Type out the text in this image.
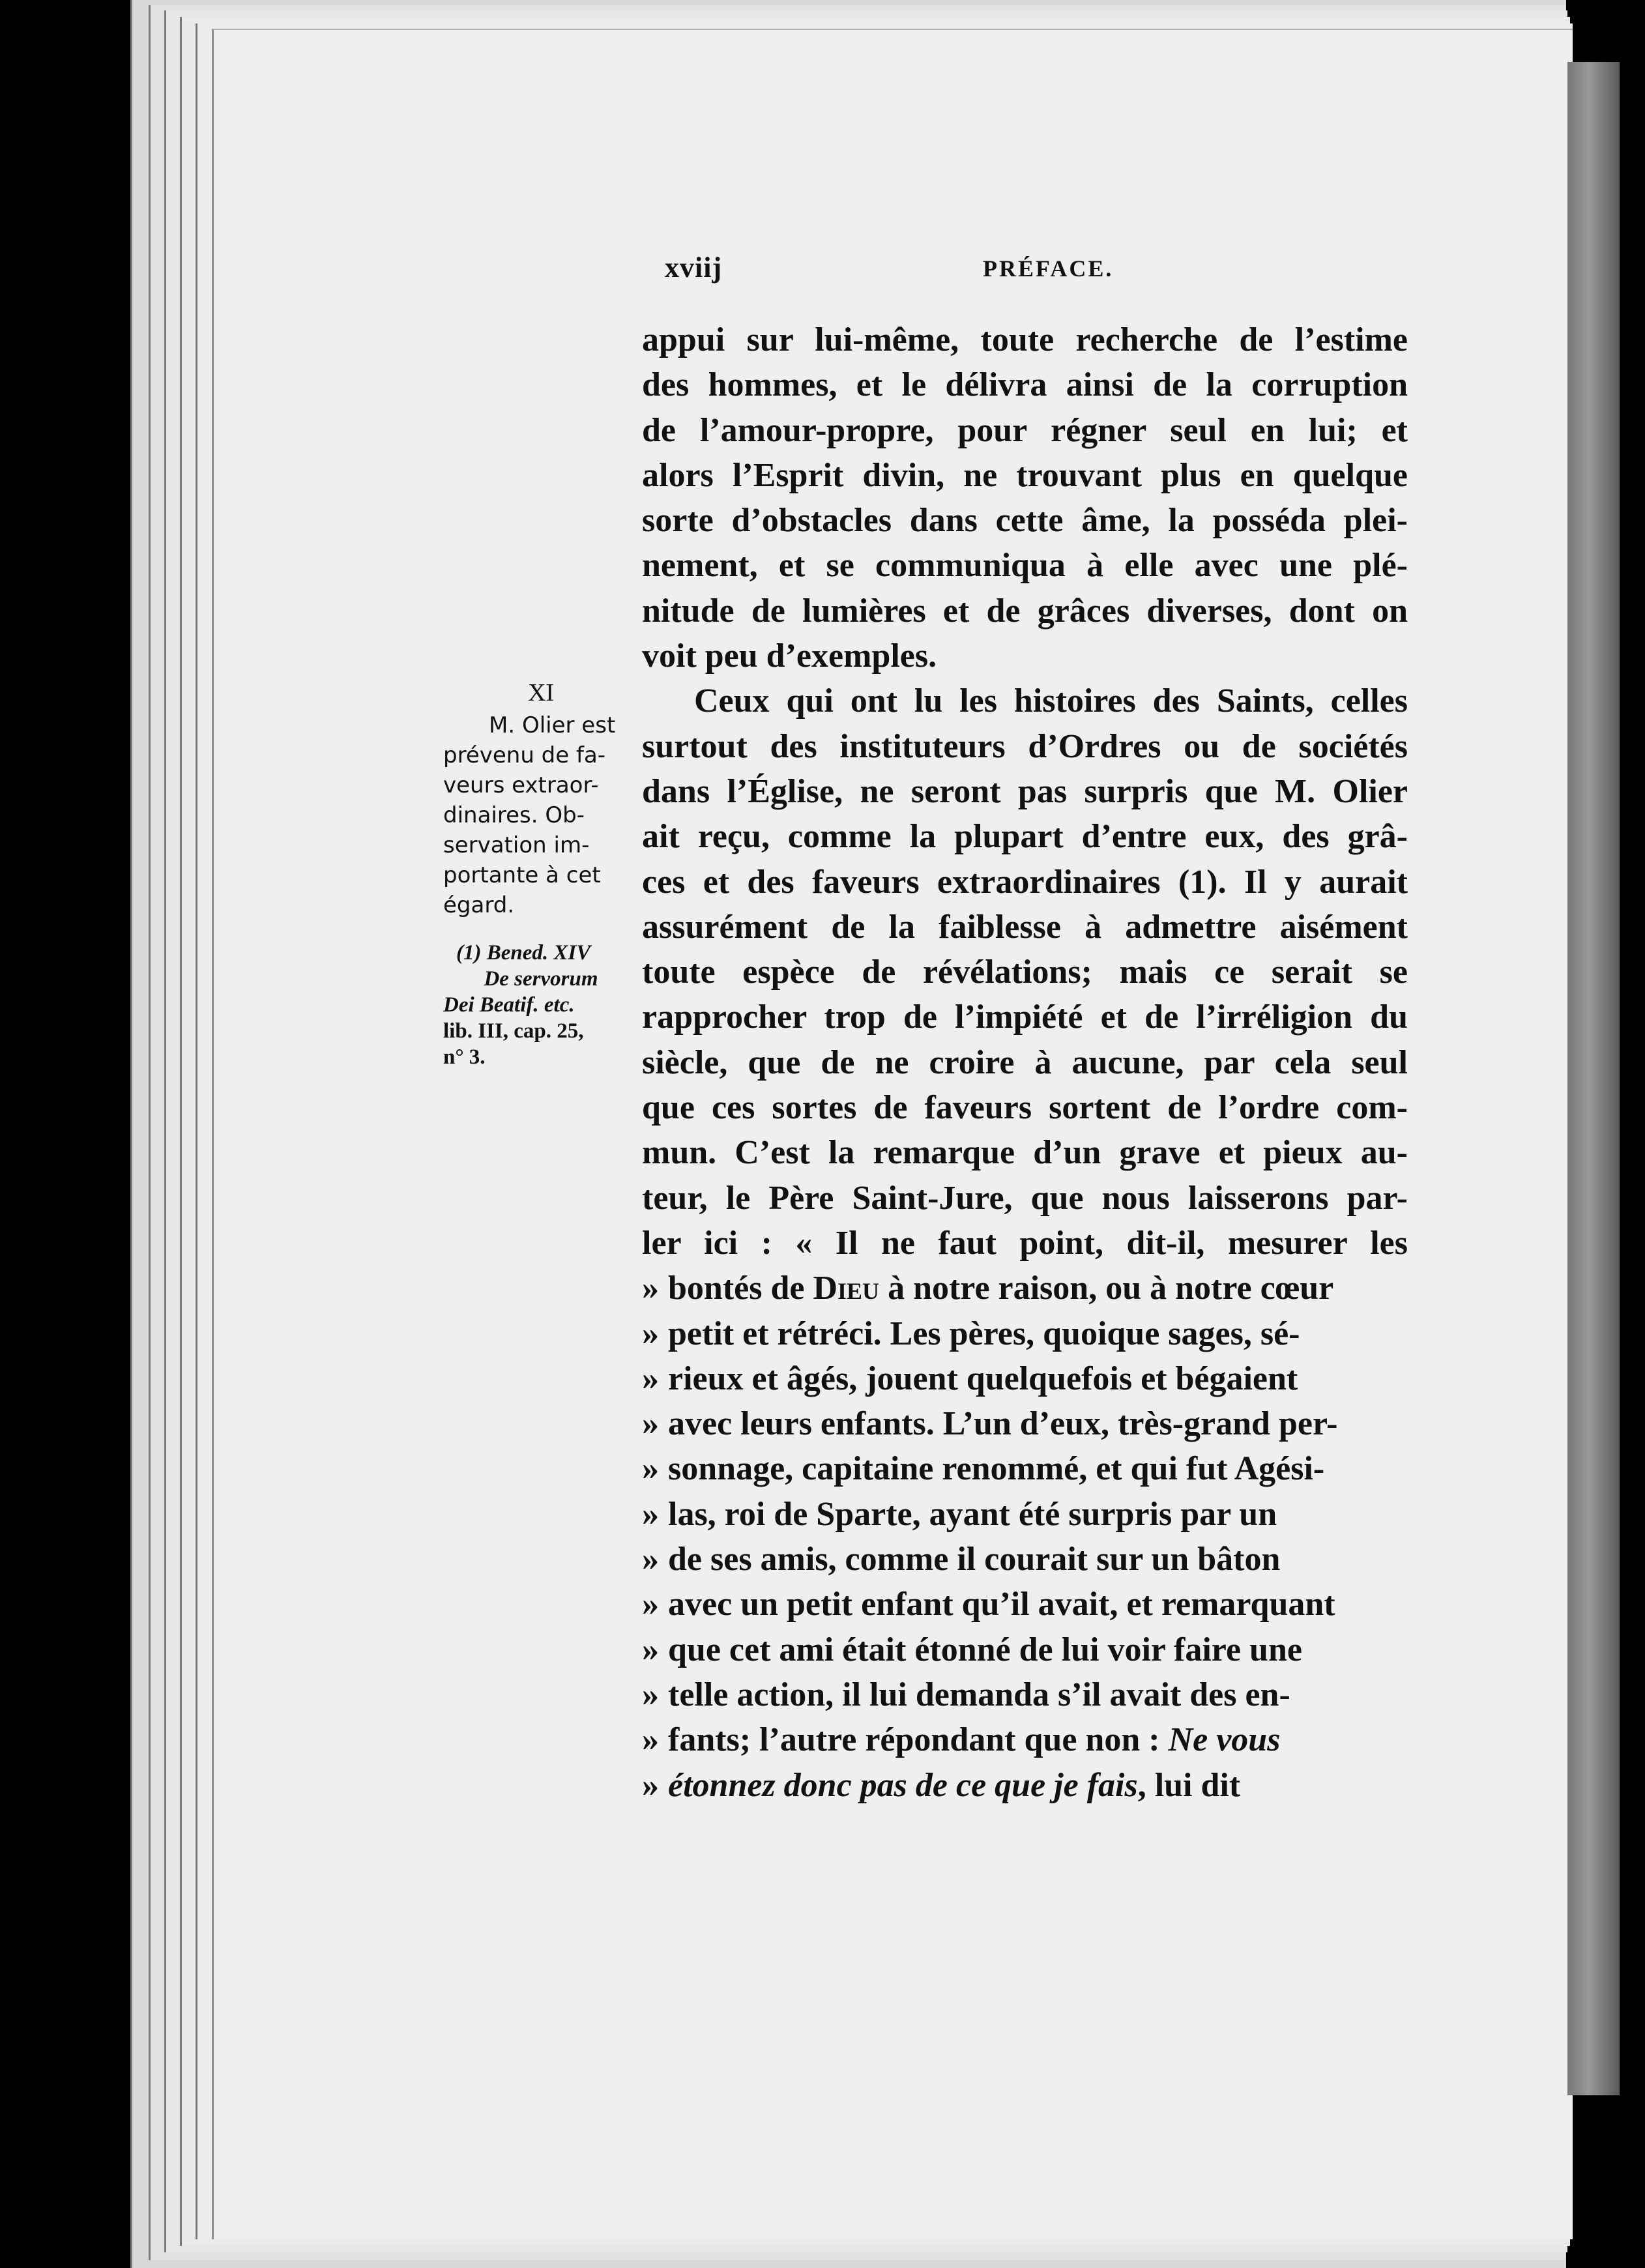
xviij	PRÉFACE.
XI
M. Olier est
prévenu de fa-
veurs extraor-
dinaires. Ob-
servation im-
portante à cet
égard.
(1) Bened. XIV
De servorum
Dei Beatif. etc.
lib. III, cap. 25,
n° 3.
appui sur lui-même, toute recherche de l’estime
des hommes, et le délivra ainsi de la corruption
de l’amour-propre, pour régner seul en lui; et
alors l’Esprit divin, ne trouvant plus en quelque
sorte d’obstacles dans cette âme, la posséda plei-
nement, et se communiqua à elle avec une plé-
nitude de lumières et de grâces diverses, dont on
voit peu d’exemples.
Ceux qui ont lu les histoires des Saints, celles
surtout des instituteurs d’Ordres ou de sociétés
dans l’Église, ne seront pas surpris que M. Olier
ait reçu, comme la plupart d’entre eux, des grâ-
ces et des faveurs extraordinaires (1). Il y aurait
assurément de la faiblesse à admettre aisément
toute espèce de révélations; mais ce serait se
rapprocher trop de l’impiété et de l’irréligion du
siècle, que de ne croire à aucune, par cela seul
que ces sortes de faveurs sortent de l’ordre com-
mun. C’est la remarque d’un grave et pieux au-
teur, le Père Saint-Jure, que nous laisserons par-
ler ici : « Il ne faut point, dit-il, mesurer les
» bontés de Dieu à notre raison, ou à notre cœur
» petit et rétréci. Les pères, quoique sages, sé-
» rieux et âgés, jouent quelquefois et bégaient
» avec leurs enfants. L’un d’eux, très-grand per-
» sonnage, capitaine renommé, et qui fut Agési-
» las, roi de Sparte, ayant été surpris par un
» de ses amis, comme il courait sur un bâton
» avec un petit enfant qu’il avait, et remarquant
» que cet ami était étonné de lui voir faire une
» telle action, il lui demanda s’il avait des en-
» fants; l’autre répondant que non : Ne vous
» étonnez donc pas de ce que je fais, lui dit
